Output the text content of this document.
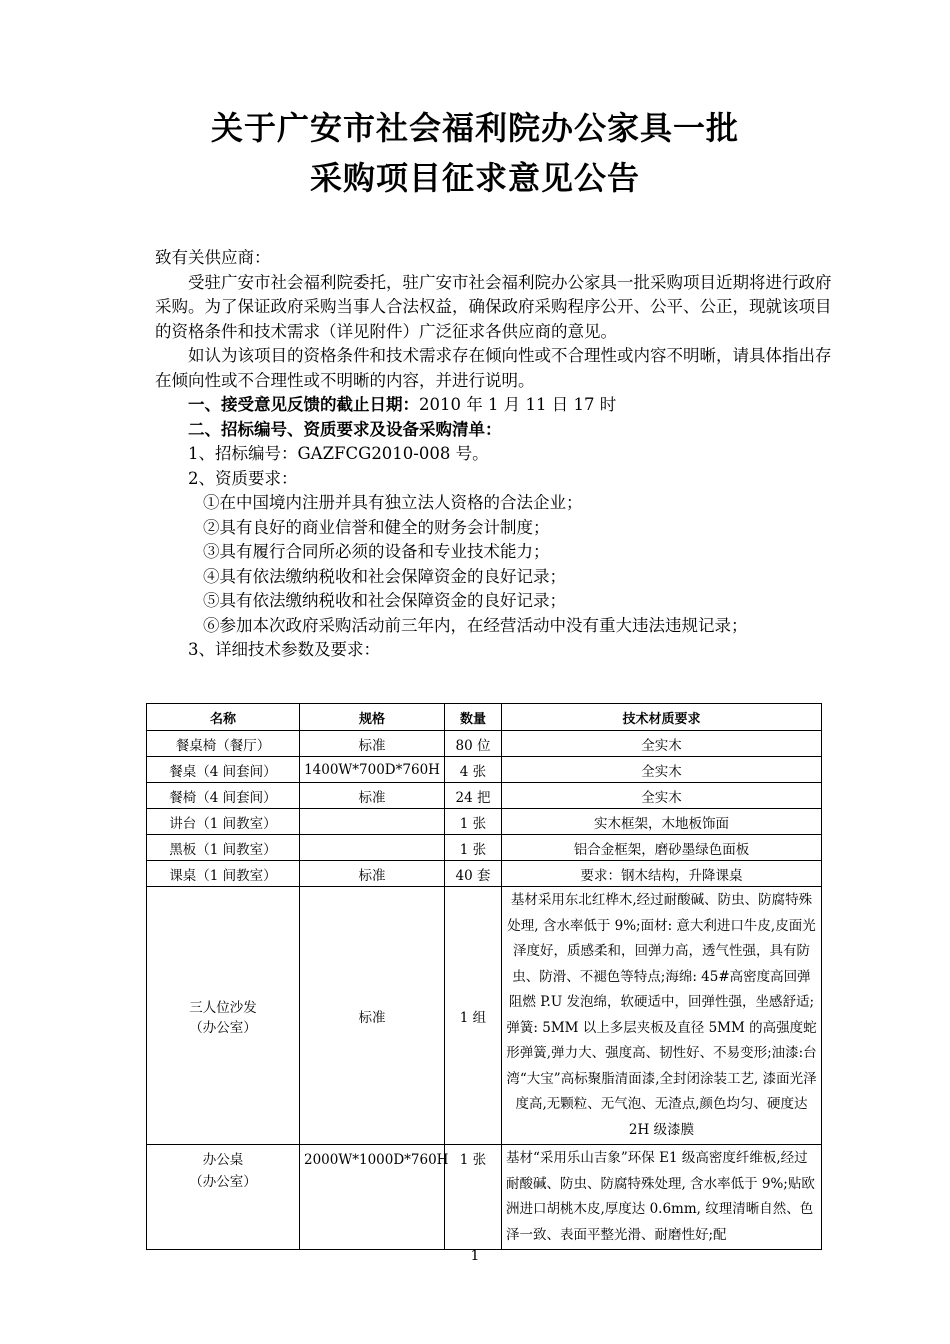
关于广安市社会福利院办公家具一批
采购项目征求意见公告

致有关供应商：

受驻广安市社会福利院委托，驻广安市社会福利院办公家具一批采购项目近期将进行政府采购。为了保证政府采购当事人合法权益，确保政府采购程序公开、公平、公正，现就该项目的资格条件和技术需求（详见附件）广泛征求各供应商的意见。

如认为该项目的资格条件和技术需求存在倾向性或不合理性或内容不明晰，请具体指出存在倾向性或不合理性或不明晰的内容，并进行说明。

一、接受意见反馈的截止日期：2010 年 1 月 11 日 17 时

二、招标编号、资质要求及设备采购清单：

1、招标编号：GAZFCG2010-008 号。

2、资质要求：

①在中国境内注册并具有独立法人资格的合法企业；

②具有良好的商业信誉和健全的财务会计制度；

③具有履行合同所必须的设备和专业技术能力；

④具有依法缴纳税收和社会保障资金的良好记录；

⑤具有依法缴纳税收和社会保障资金的良好记录；

⑥参加本次政府采购活动前三年内，在经营活动中没有重大违法违规记录；

3、详细技术参数及要求：

名称	规格	数量	技术材质要求
餐桌椅（餐厅）	标准	80 位	全实木
餐桌（4 间套间）	1400W*700D*760H	4 张	全实木
餐椅（4 间套间）	标准	24 把	全实木
讲台（1 间教室）		1 张	实木框架，木地板饰面
黑板（1 间教室）		1 张	铝合金框架，磨砂墨绿色面板
课桌（1 间教室）	标准	40 套	要求：钢木结构，升降课桌

三人位沙发
（办公室）	标准	1 组	基材采用东北红桦木,经过耐酸碱、防虫、防腐特殊处理, 含水率低于 9%;面材: 意大利进口牛皮,皮面光泽度好，质感柔和，回弹力高，透气性强，具有防虫、防滑、不褪色等特点;海绵: 45#高密度高回弹阻燃 P.U 发泡绵，软硬适中，回弹性强，坐感舒适;弹簧: 5MM 以上多层夹板及直径 5MM 的高强度蛇形弹簧,弹力大、强度高、韧性好、不易变形;油漆:台湾“大宝”高标聚脂清面漆,全封闭涂装工艺, 漆面光泽度高,无颗粒、无气泡、无渣点,颜色均匀、硬度达 2H 级漆膜

办公桌
（办公室）	2000W*1000D*760H	1 张	基材“采用乐山吉象”环保 E1 级高密度纤维板,经过耐酸碱、防虫、防腐特殊处理, 含水率低于 9%;贴欧洲进口胡桃木皮,厚度达 0.6mm, 纹理清晰自然、色泽一致、表面平整光滑、耐磨性好;配
1
